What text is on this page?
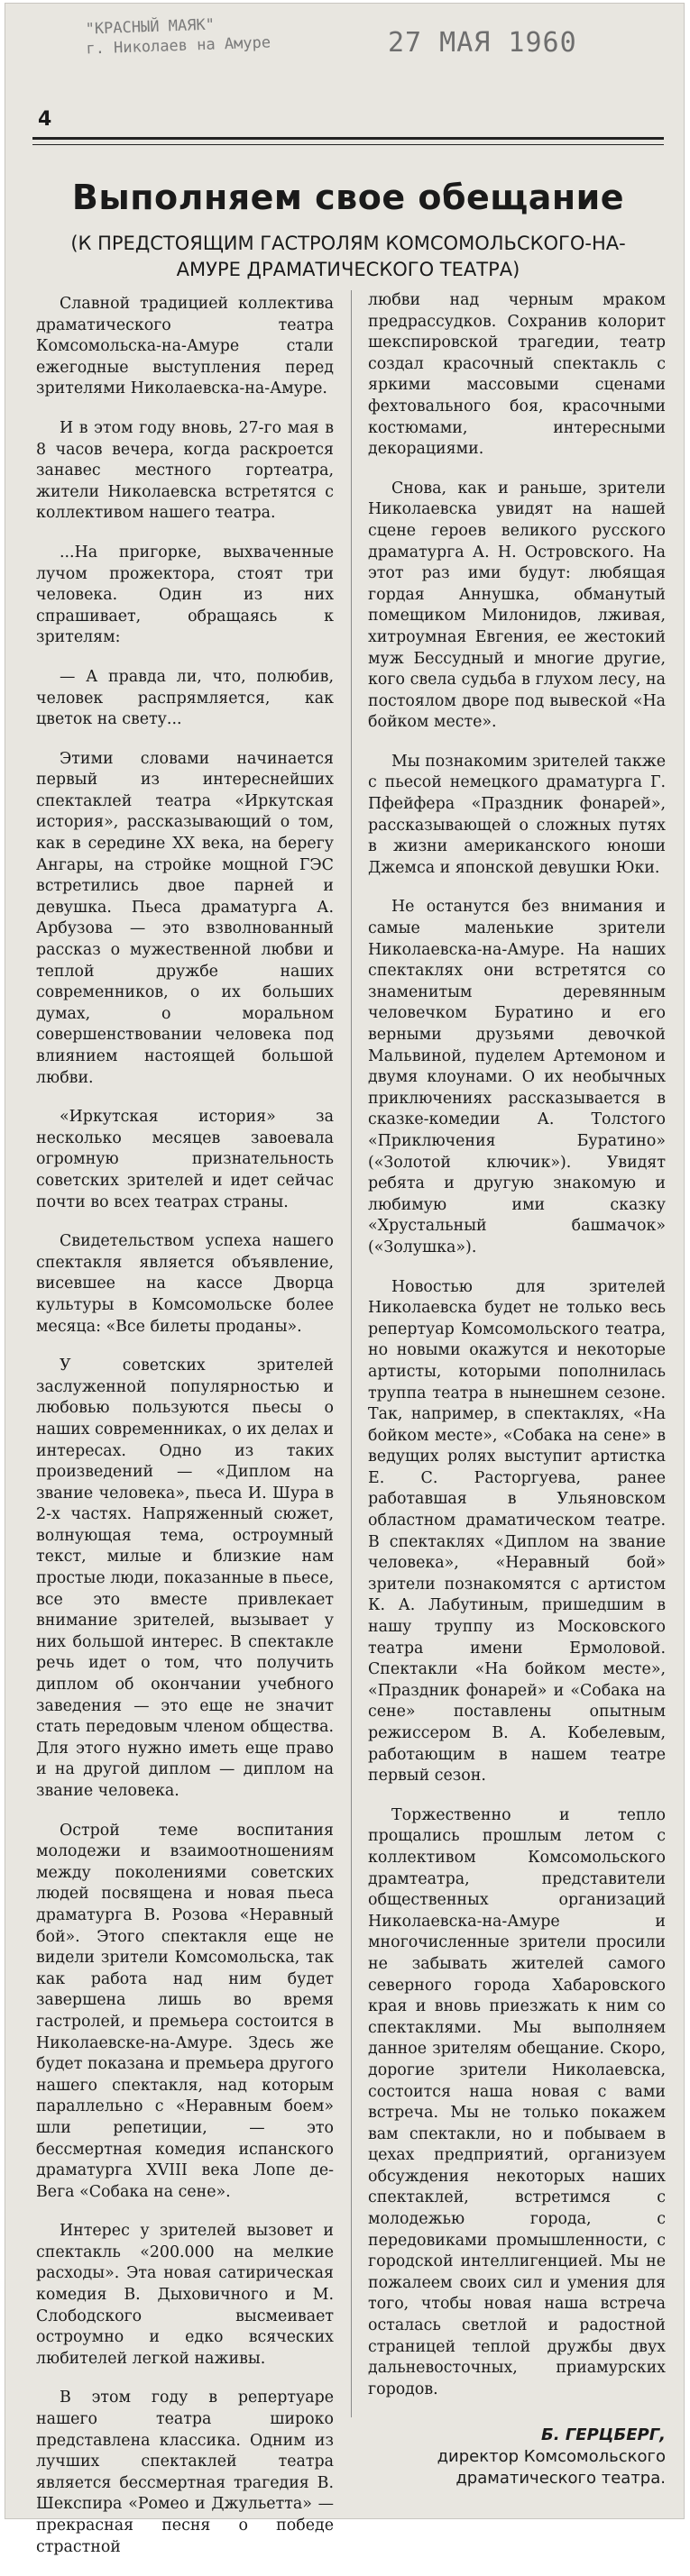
"КРАСНЫЙ МАЯК"
г. Николаев на Амуре	27 МАЯ 1960
4
Выполняем свое обещание
(К ПРЕДСТОЯЩИМ ГАСТРОЛЯМ КОМСОМОЛЬСКОГО-НА-АМУРЕ ДРАМАТИЧЕСКОГО ТЕАТРА)

Славной традицией коллектива драматического театра Комсомольска-на-Амуре стали ежегодные выступления перед зрителями Николаевска-на-Амуре.

И в этом году вновь, 27-го мая в 8 часов вечера, когда раскроется занавес местного гортеатра, жители Николаевска встретятся с коллективом нашего театра.

...На пригорке, выхваченные лучом прожектора, стоят три человека. Один из них спрашивает, обращаясь к зрителям:

— А правда ли, что, полюбив, человек распрямляется, как цветок на свету...

Этими словами начинается первый из интереснейших спектаклей театра «Иркутская история», рассказывающий о том, как в середине XX века, на берегу Ангары, на стройке мощной ГЭС встретились двое парней и девушка. Пьеса драматурга А. Арбузова — это взволнованный рассказ о мужественной любви и теплой дружбе наших современников, о их больших думах, о моральном совершенствовании человека под влиянием настоящей большой любви.

«Иркутская история» за несколько месяцев завоевала огромную признательность советских зрителей и идет сейчас почти во всех театрах страны.

Свидетельством успеха нашего спектакля является объявление, висевшее на кассе Дворца культуры в Комсомольске более месяца: «Все билеты проданы».

У советских зрителей заслуженной популярностью и любовью пользуются пьесы о наших современниках, о их делах и интересах. Одно из таких произведений — «Диплом на звание человека», пьеса И. Шура в 2-х частях. Напряженный сюжет, волнующая тема, остроумный текст, милые и близкие нам простые люди, показанные в пьесе, все это вместе привлекает внимание зрителей, вызывает у них большой интерес. В спектакле речь идет о том, что получить диплом об окончании учебного заведения — это еще не значит стать передовым членом общества. Для этого нужно иметь еще право и на другой диплом — диплом на звание человека.

Острой теме воспитания молодежи и взаимоотношениям между поколениями советских людей посвящена и новая пьеса драматурга В. Розова «Неравный бой». Этого спектакля еще не видели зрители Комсомольска, так как работа над ним будет завершена лишь во время гастролей, и премьера состоится в Николаевске-на-Амуре. Здесь же будет показана и премьера другого нашего спектакля, над которым параллельно с «Неравным боем» шли репетиции, — это бессмертная комедия испанского драматурга XVIII века Лопе де-Вега «Собака на сене».

Интерес у зрителей вызовет и спектакль «200.000 на мелкие расходы». Эта новая сатирическая комедия В. Дыховичного и М. Слободского высмеивает остроумно и едко всяческих любителей легкой наживы.

В этом году в репертуаре нашего театра широко представлена классика. Одним из лучших спектаклей театра является бессмертная трагедия В. Шекспира «Ромео и Джульетта» — прекрасная песня о победе страстной

любви над черным мраком предрассудков. Сохранив колорит шекспировской трагедии, театр создал красочный спектакль с яркими массовыми сценами фехтовального боя, красочными костюмами, интересными декорациями.

Снова, как и раньше, зрители Николаевска увидят на нашей сцене героев великого русского драматурга А. Н. Островского. На этот раз ими будут: любящая гордая Аннушка, обманутый помещиком Милонидов, лживая, хитроумная Евгения, ее жестокий муж Бессудный и многие другие, кого свела судьба в глухом лесу, на постоялом дворе под вывеской «На бойком месте».

Мы познакомим зрителей также с пьесой немецкого драматурга Г. Пфейфера «Праздник фонарей», рассказывающей о сложных путях в жизни американского юноши Джемса и японской девушки Юки.

Не останутся без внимания и самые маленькие зрители Николаевска-на-Амуре. На наших спектаклях они встретятся со знаменитым деревянным человечком Буратино и его верными друзьями девочкой Мальвиной, пуделем Артемоном и двумя клоунами. О их необычных приключениях рассказывается в сказке-комедии А. Толстого «Приключения Буратино» («Золотой ключик»). Увидят ребята и другую знакомую и любимую ими сказку «Хрустальный башмачок» («Золушка»).

Новостью для зрителей Николаевска будет не только весь репертуар Комсомольского театра, но новыми окажутся и некоторые артисты, которыми пополнилась труппа театра в нынешнем сезоне. Так, например, в спектаклях, «На бойком месте», «Собака на сене» в ведущих ролях выступит артистка Е. С. Расторгуева, ранее работавшая в Ульяновском областном драматическом театре. В спектаклях «Диплом на звание человека», «Неравный бой» зрители познакомятся с артистом К. А. Лабутиным, пришедшим в нашу труппу из Московского театра имени Ермоловой. Спектакли «На бойком месте», «Праздник фонарей» и «Собака на сене» поставлены опытным режиссером В. А. Кобелевым, работающим в нашем театре первый сезон.

Торжественно и тепло прощались прошлым летом с коллективом Комсомольского драмтеатра, представители общественных организаций Николаевска-на-Амуре и многочисленные зрители просили не забывать жителей самого северного города Хабаровского края и вновь приезжать к ним со спектаклями. Мы выполняем данное зрителям обещание. Скоро, дорогие зрители Николаевска, состоится наша новая с вами встреча. Мы не только покажем вам спектакли, но и побываем в цехах предприятий, организуем обсуждения некоторых наших спектаклей, встретимся с молодежью города, с передовиками промышленности, с городской интеллигенцией. Мы не пожалеем своих сил и умения для того, чтобы новая наша встреча осталась светлой и радостной страницей теплой дружбы двух дальневосточных, приамурских городов.

Б. ГЕРЦБЕРГ,
директор Комсомольского
драматического театра.
